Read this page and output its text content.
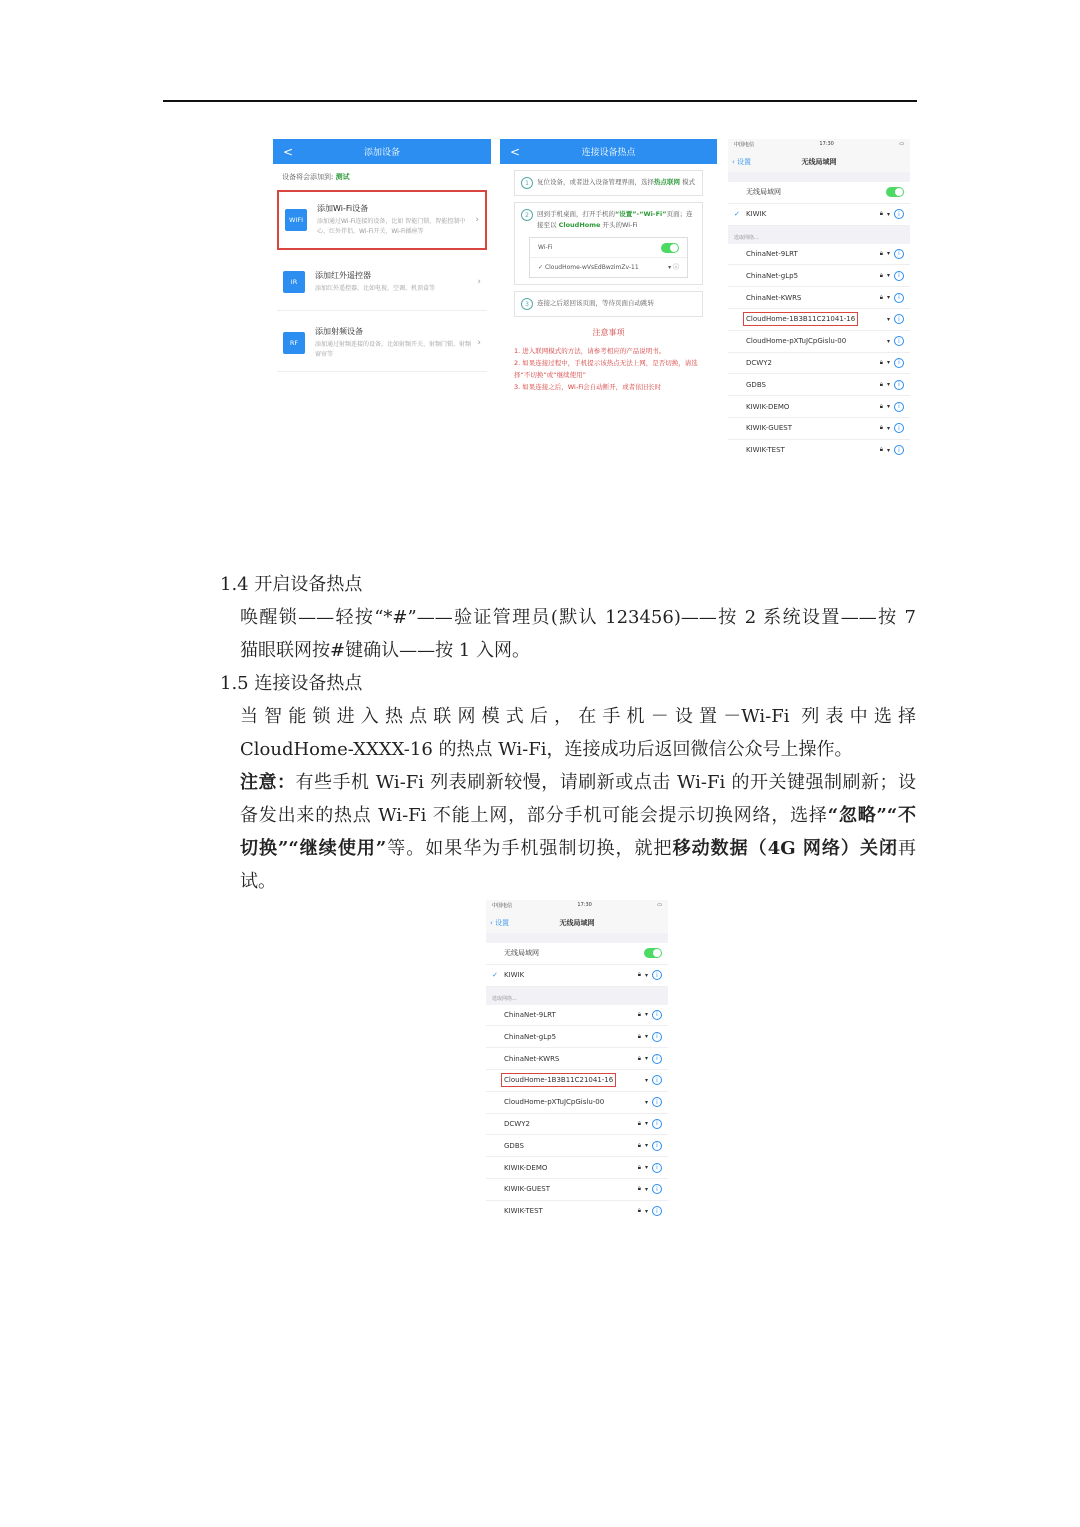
<	添加设备
设备将会添加到: 测试
WIFI
添加Wi-Fi设备
添加通过Wi-Fi连接的设备，比如 智能门锁、智能控制中心、红外伴侣、Wi-Fi开关、Wi-Fi插座等
›
IR
添加红外遥控器
添加红外遥控器，比如电视、空调、机顶盒等
›
RF
添加射频设备
添加通过射频连接的设备，比如射频开关、射频门锁、射频窗帘等
›
<	连接设备热点
1	复位设备，或者进入设备管理界面，选择热点联网 模式
2	回到手机桌面，打开手机的“设置”-“Wi-Fi”页面；连接至以 CloudHome 开头的Wi-Fi
Wi-Fi
✓ CloudHome-wVsEdBwzimZv-11	▾ ⓘ
3	连接之后返回该页面，等待页面自动跳转
注意事项
1. 进入联网模式的方法，请参考相应的产品说明书。
2. 如果连接过程中，手机提示该热点无法上网，是否切换，请选择“不切换”或“继续使用”
3. 如果连接之后，Wi-Fi会自动断开，或者依旧长时
中国电信	17:30	▭
‹ 设置	无线局域网
无线局域网
✓ KIWIK	🔒︎ ▾	i
选取网络...
ChinaNet-9LRT	🔒︎ ▾	i
ChinaNet-gLp5	🔒︎ ▾	i
ChinaNet-KWRS	🔒︎ ▾	i
CloudHome-1B3B11C21041-16	▾	i
CloudHome-pXTuJCpGislu-00	▾	i
DCWY2	🔒︎ ▾	i
GDBS	🔒︎ ▾	i
KIWIK-DEMO	🔒︎ ▾	i
KIWIK-GUEST	🔒︎ ▾	i
KIWIK-TEST	🔒︎ ▾	i
1.4 开启设备热点
唤醒锁——轻按“*#”——验证管理员(默认 123456)——按 2 系统设置——按 7
猫眼联网按#键确认——按 1 入网。
1.5 连接设备热点
当智能锁进入热点联网模式后，在手机－设置－Wi-Fi 列表中选择
CloudHome-XXXX-16 的热点 Wi-Fi，连接成功后返回微信公众号上操作。
注意：有些手机 Wi-Fi 列表刷新较慢，请刷新或点击 Wi-Fi 的开关键强制刷新；设
备发出来的热点 Wi-Fi 不能上网，部分手机可能会提示切换网络，选择“忽略”“不
切换”“继续使用”等。如果华为手机强制切换，就把移动数据（4G 网络）关闭再
试。
中国电信	17:30	▭
‹ 设置	无线局域网
无线局域网
✓ KIWIK	🔒︎ ▾	i
选取网络...
ChinaNet-9LRT	🔒︎ ▾	i
ChinaNet-gLp5	🔒︎ ▾	i
ChinaNet-KWRS	🔒︎ ▾	i
CloudHome-1B3B11C21041-16	▾	i
CloudHome-pXTuJCpGislu-00	▾	i
DCWY2	🔒︎ ▾	i
GDBS	🔒︎ ▾	i
KIWIK-DEMO	🔒︎ ▾	i
KIWIK-GUEST	🔒︎ ▾	i
KIWIK-TEST	🔒︎ ▾	i
